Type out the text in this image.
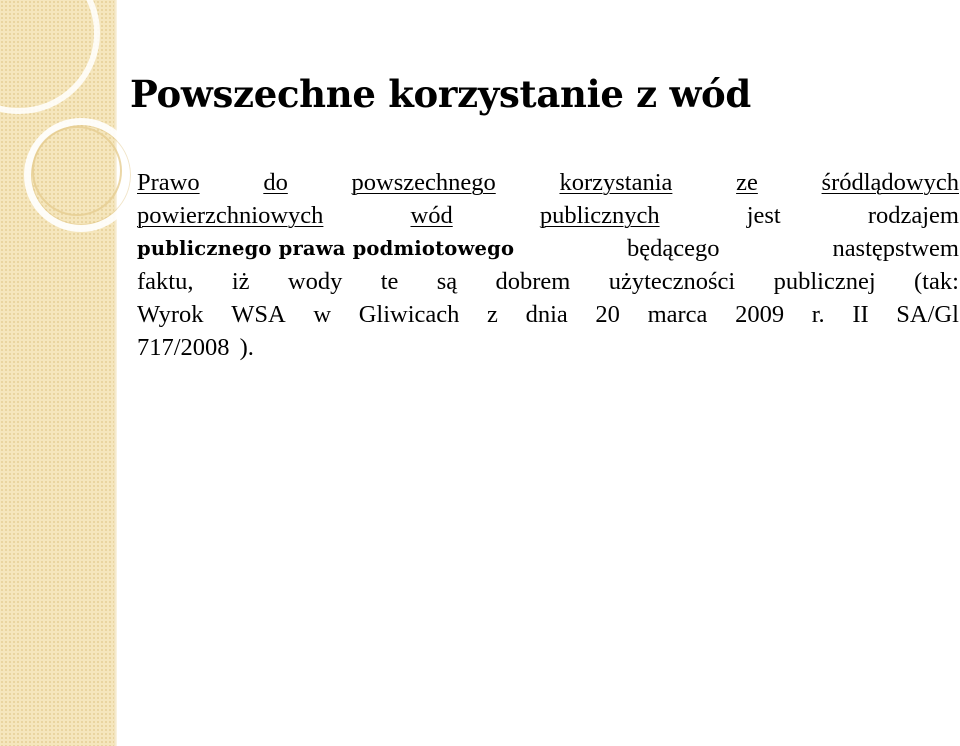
Powszechne korzystanie z wód
Prawo	do	powszechnego	korzystania	ze	śródlądowych
powierzchniowych	wód	publicznych	jest	rodzajem
publicznego prawa podmiotowego	będącego	następstwem
faktu, iż wody te są dobrem użyteczności publicznej (tak:
Wyrok WSA w Gliwicach z dnia 20 marca 2009 r. II SA/Gl
717/2008 ).
